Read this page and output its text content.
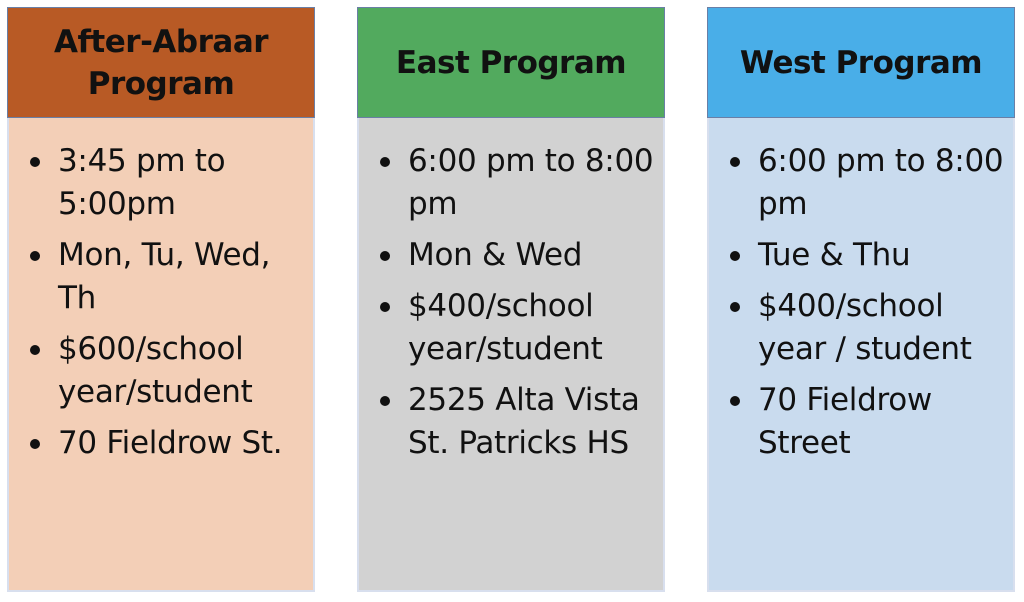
After-Abraar Program
3:45 pm to 5:00pm
Mon, Tu, Wed, Th
$600/school year/student
70 Fieldrow St.
East Program
6:00 pm to 8:00 pm
Mon & Wed
$400/school year/student
2525 Alta Vista St. Patricks HS
West Program
6:00 pm to 8:00 pm
Tue & Thu
$400/school year / student
70 Fieldrow Street
